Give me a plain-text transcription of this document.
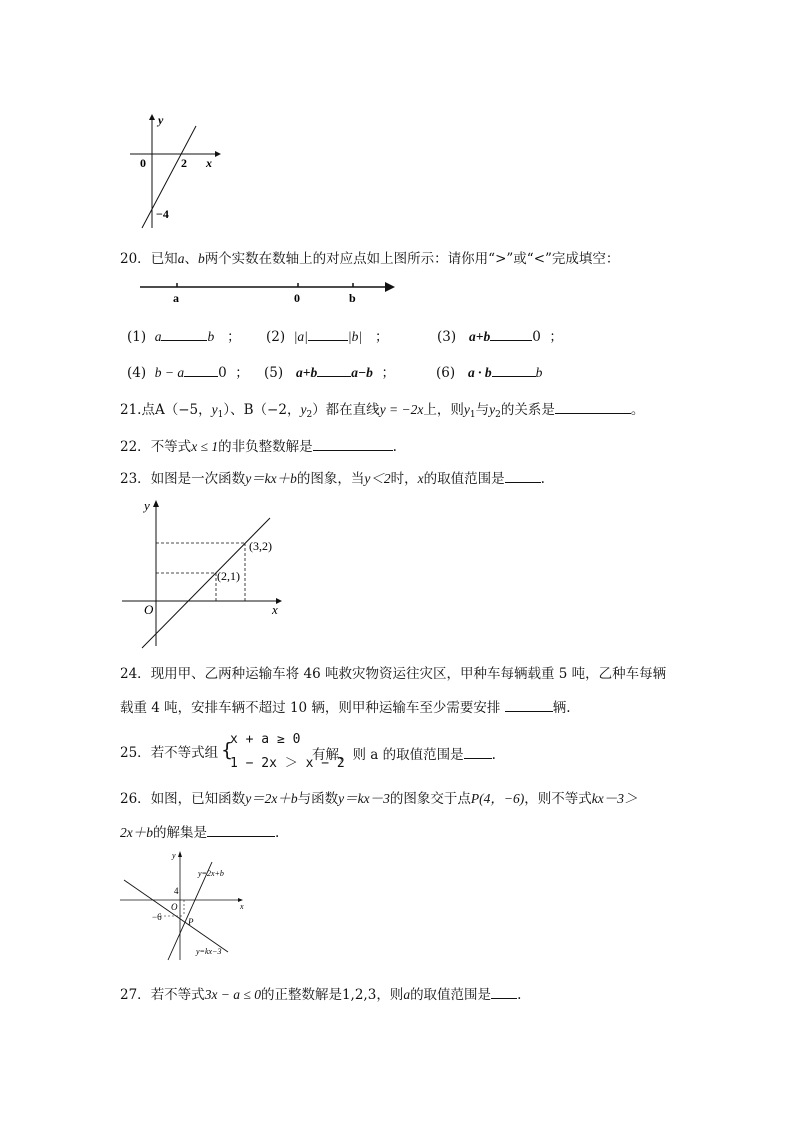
y
x
0	2
−4
20．已知a、b两个实数在数轴上的对应点如上图所示：请你用“>”或“<”完成填空：
a	0	b
(1) a	b ； (2) |a|	|b| ；	(3) a+b	0 ；
(4) b − a	0 ； (5) a+b	a−b ；	(6) a · b	b
21.点A（−5，$y_1$）、B（−2，$y_2$）都在直线y = −2x上，则$y_1$与$y_2$的关系是	。
22．不等式x ≤ 1的非负整数解是	.
23．如图是一次函数y＝kx＋b的图象，当y＜2时，x的取值范围是	.
y
x
O
(2,1)
(3,2)
24．现用甲、乙两种运输车将 46 吨救灾物资运往灾区，甲种车每辆载重 5 吨，乙种车每辆
载重 4 吨，安排车辆不超过 10 辆，则甲种运输车至少需要安排	辆.
25．若不等式组 {
x + a ≥ 0
1 − 2x ＞ x − 2
有解，则 a 的取值范围是 .
26．如图，已知函数y＝2x＋b与函数y＝kx－3的图象交于点P(4，−6)，则不等式kx－3＞
2x＋b的解集是	.
y
x
O
4
−6	P
y=2x+b
y=kx−3
27．若不等式3x − a ≤ 0的正整数解是1,2,3，则a的取值范围是 .
